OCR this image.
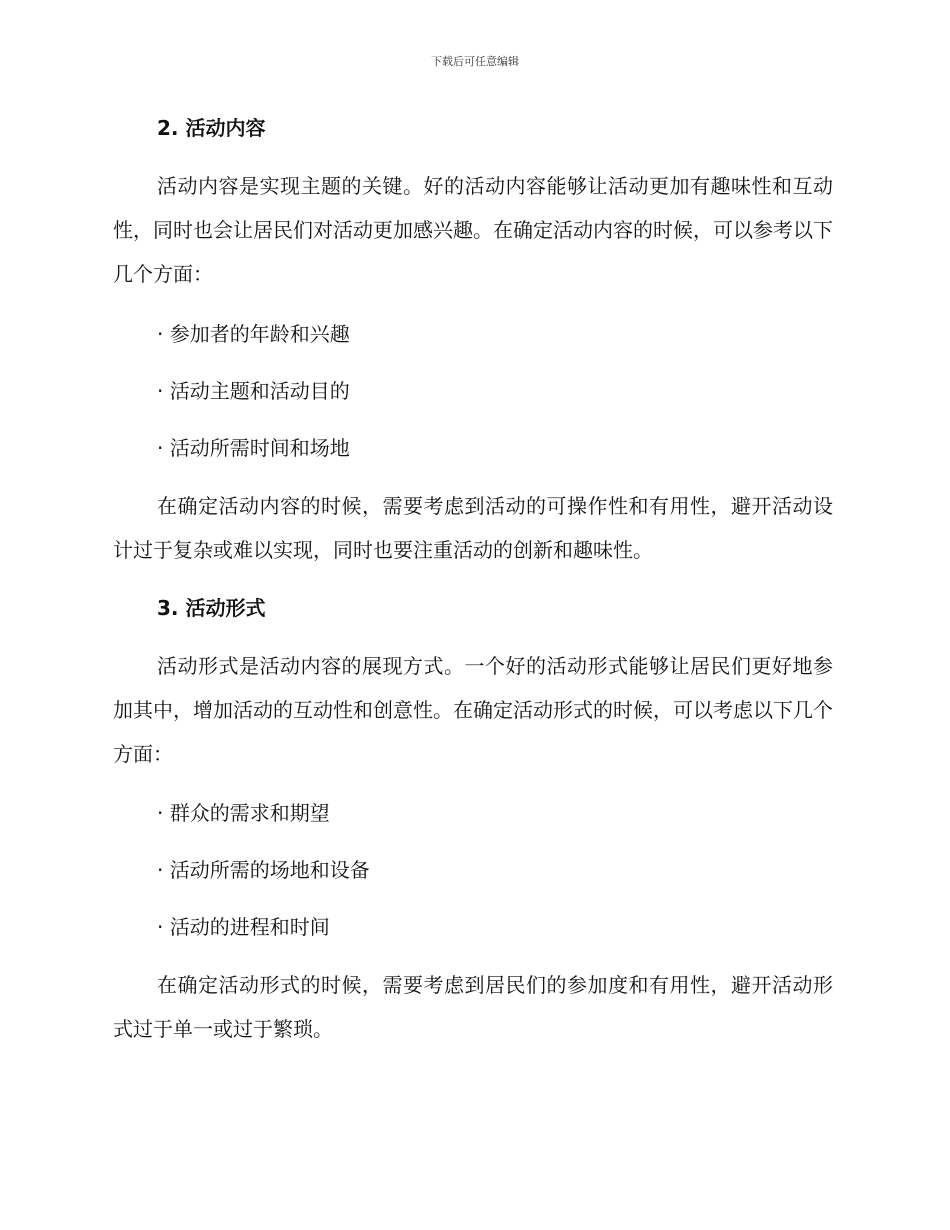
下载后可任意编辑
2. 活动内容
活动内容是实现主题的关键。好的活动内容能够让活动更加有趣味性和互动性，同时也会让居民们对活动更加感兴趣。在确定活动内容的时候，可以参考以下几个方面：
· 参加者的年龄和兴趣
· 活动主题和活动目的
· 活动所需时间和场地
在确定活动内容的时候，需要考虑到活动的可操作性和有用性，避开活动设计过于复杂或难以实现，同时也要注重活动的创新和趣味性。
3. 活动形式
活动形式是活动内容的展现方式。一个好的活动形式能够让居民们更好地参加其中，增加活动的互动性和创意性。在确定活动形式的时候，可以考虑以下几个方面：
· 群众的需求和期望
· 活动所需的场地和设备
· 活动的进程和时间
在确定活动形式的时候，需要考虑到居民们的参加度和有用性，避开活动形式过于单一或过于繁琐。
